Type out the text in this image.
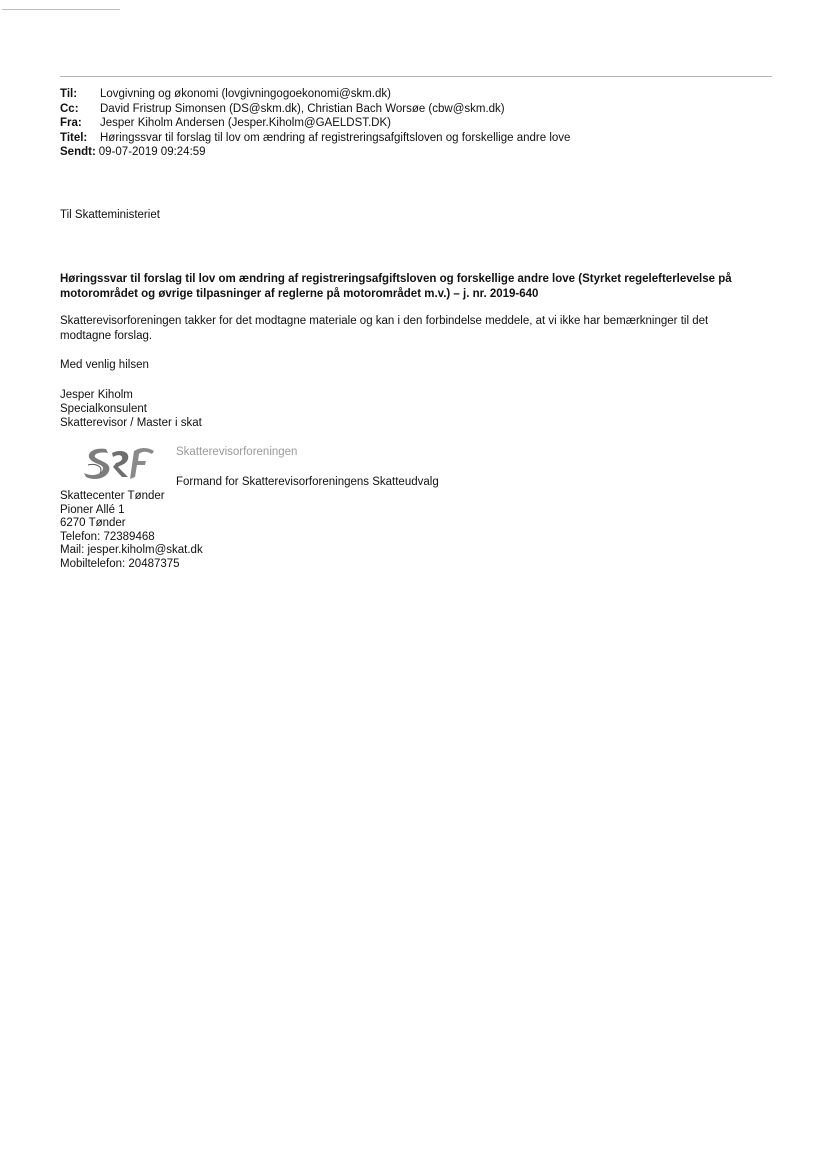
Til:	Lovgivning og økonomi (lovgivningogoekonomi@skm.dk)
Cc:	David Fristrup Simonsen (DS@skm.dk), Christian Bach Worsøe (cbw@skm.dk)
Fra:	Jesper Kiholm Andersen (Jesper.Kiholm@GAELDST.DK)
Titel:	Høringssvar til forslag til lov om ændring af registreringsafgiftsloven og forskellige andre love
Sendt: 09-07-2019 09:24:59
Til Skatteministeriet
Høringssvar til forslag til lov om ændring af registreringsafgiftsloven og forskellige andre love (Styrket regelefterlevelse på
motorområdet og øvrige tilpasninger af reglerne på motorområdet m.v.) – j. nr. 2019-640
Skatterevisorforeningen takker for det modtagne materiale og kan i den forbindelse meddele, at vi ikke har bemærkninger til det
modtagne forslag.
Med venlig hilsen
Jesper Kiholm
Specialkonsulent
Skatterevisor / Master i skat
Skatterevisorforeningen
Formand for Skatterevisorforeningens Skatteudvalg
Skattecenter Tønder
Pioner Allé 1
6270 Tønder
Telefon: 72389468
Mail: jesper.kiholm@skat.dk
Mobiltelefon: 20487375
